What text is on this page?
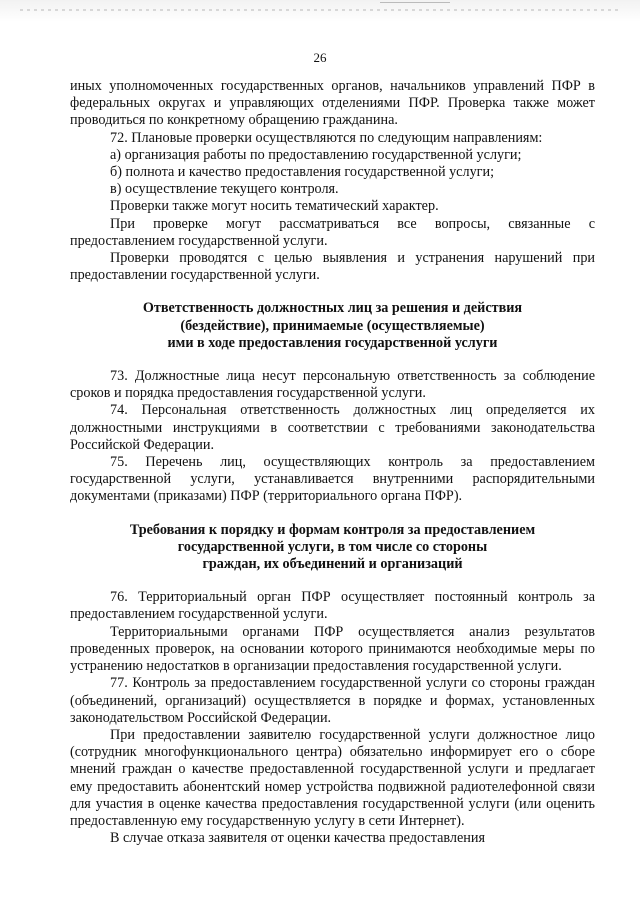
26

иных уполномоченных государственных органов, начальников управлений ПФР в федеральных округах и управляющих отделениями ПФР. Проверка также может проводиться по конкретному обращению гражданина.

72. Плановые проверки осуществляются по следующим направлениям:

а) организация работы по предоставлению государственной услуги;

б) полнота и качество предоставления государственной услуги;

в) осуществление текущего контроля.

Проверки также могут носить тематический характер.

При проверке могут рассматриваться все вопросы, связанные с предоставлением государственной услуги.

Проверки проводятся с целью выявления и устранения нарушений при предоставлении государственной услуги.

Ответственность должностных лиц за решения и действия
(бездействие), принимаемые (осуществляемые)
ими в ходе предоставления государственной услуги

73. Должностные лица несут персональную ответственность за соблюдение сроков и порядка предоставления государственной услуги.

74. Персональная ответственность должностных лиц определяется их должностными инструкциями в соответствии с требованиями законодательства Российской Федерации.

75. Перечень лиц, осуществляющих контроль за предоставлением государственной услуги, устанавливается внутренними распорядительными документами (приказами) ПФР (территориального органа ПФР).

Требования к порядку и формам контроля за предоставлением
государственной услуги, в том числе со стороны
граждан, их объединений и организаций

76. Территориальный орган ПФР осуществляет постоянный контроль за предоставлением государственной услуги.

Территориальными органами ПФР осуществляется анализ результатов проведенных проверок, на основании которого принимаются необходимые меры по устранению недостатков в организации предоставления государственной услуги.

77. Контроль за предоставлением государственной услуги со стороны граждан (объединений, организаций) осуществляется в порядке и формах, установленных законодательством Российской Федерации.

При предоставлении заявителю государственной услуги должностное лицо (сотрудник многофункционального центра) обязательно информирует его о сборе мнений граждан о качестве предоставленной государственной услуги и предлагает ему предоставить абонентский номер устройства подвижной радиотелефонной связи для участия в оценке качества предоставления государственной услуги (или оценить предоставленную ему государственную услугу в сети Интернет).

В случае отказа заявителя от оценки качества предоставления
